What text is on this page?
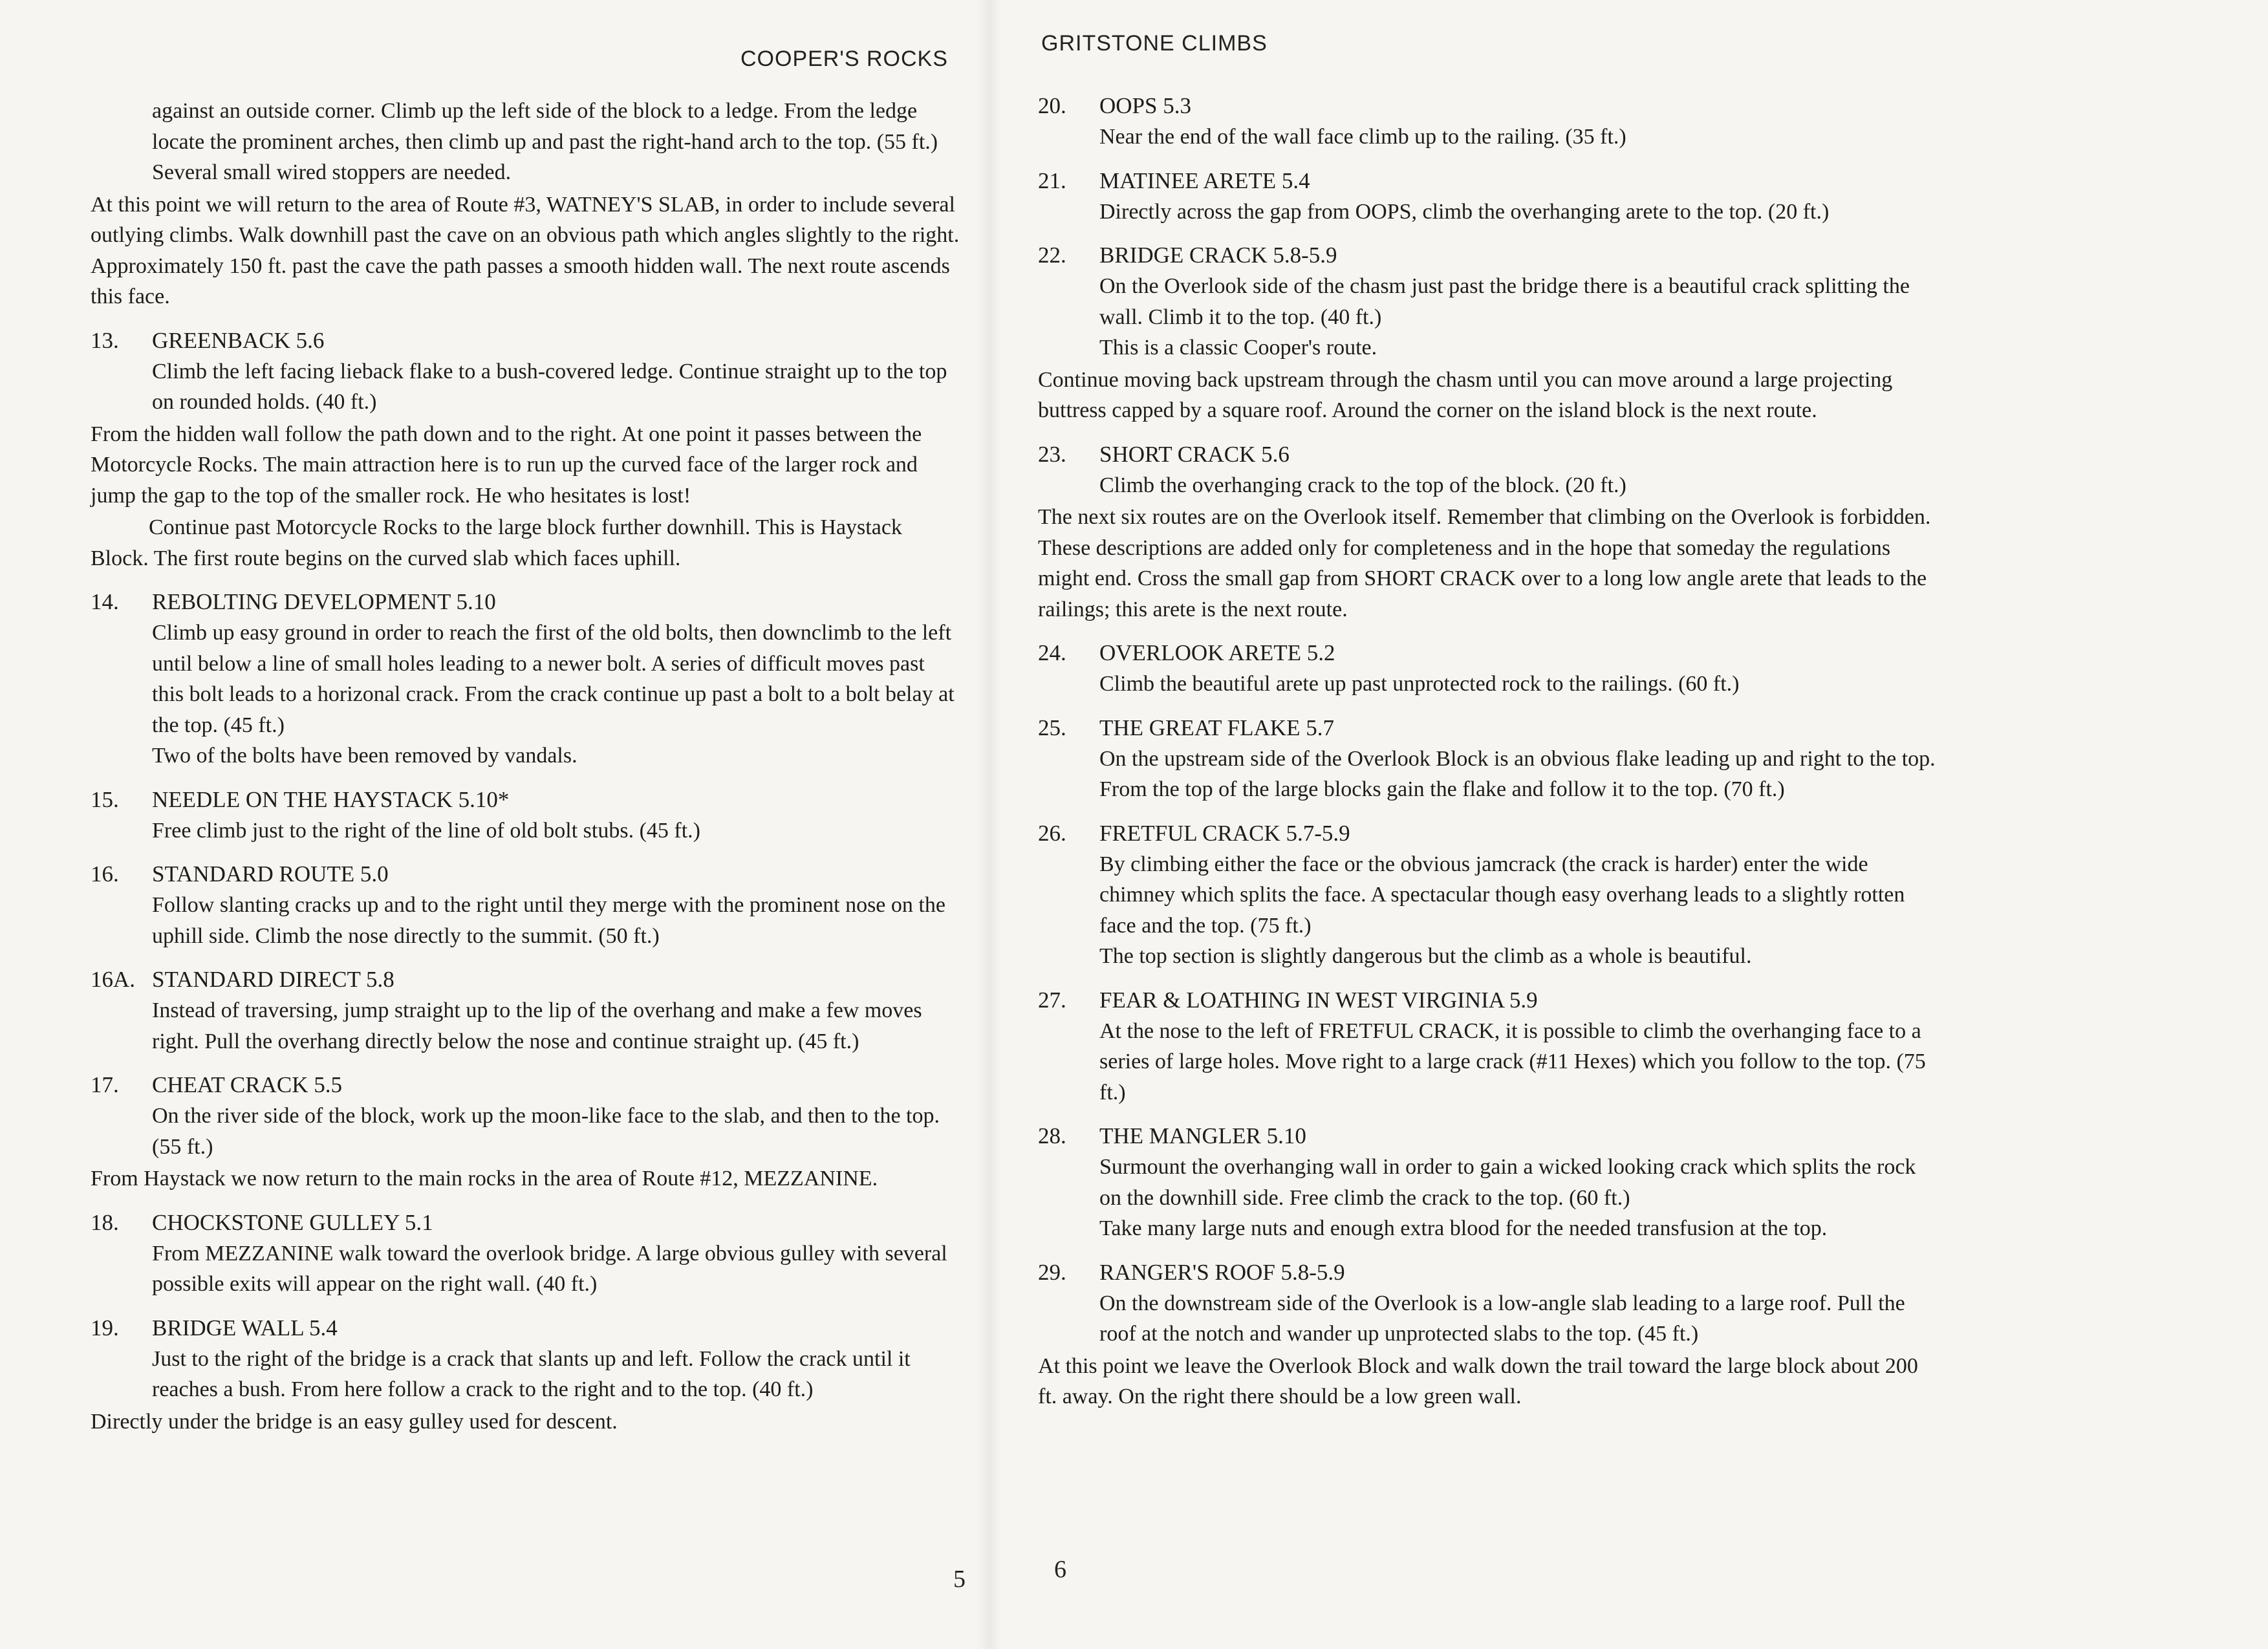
COOPER'S ROCKS

against an outside corner. Climb up the left side of the block to a ledge. From the ledge locate the prominent arches, then climb up and past the right-hand arch to the top. (55 ft.)

Several small wired stoppers are needed.

At this point we will return to the area of Route #3, WATNEY'S SLAB, in order to include several outlying climbs. Walk downhill past the cave on an obvious path which angles slightly to the right. Approximately 150 ft. past the cave the path passes a smooth hidden wall. The next route ascends this face.

13.	GREENBACK 5.6

Climb the left facing lieback flake to a bush-covered ledge. Continue straight up to the top on rounded holds. (40 ft.)

From the hidden wall follow the path down and to the right. At one point it passes between the Motorcycle Rocks. The main attraction here is to run up the curved face of the larger rock and jump the gap to the top of the smaller rock. He who hesitates is lost!

Continue past Motorcycle Rocks to the large block further downhill. This is Haystack Block. The first route begins on the curved slab which faces uphill.

14.	REBOLTING DEVELOPMENT 5.10

Climb up easy ground in order to reach the first of the old bolts, then downclimb to the left until below a line of small holes leading to a newer bolt. A series of difficult moves past this bolt leads to a horizonal crack. From the crack continue up past a bolt to a bolt belay at the top. (45 ft.)

Two of the bolts have been removed by vandals.

15.	NEEDLE ON THE HAYSTACK 5.10*

Free climb just to the right of the line of old bolt stubs. (45 ft.)

16.	STANDARD ROUTE 5.0

Follow slanting cracks up and to the right until they merge with the prominent nose on the uphill side. Climb the nose directly to the summit. (50 ft.)

16A. STANDARD DIRECT 5.8

Instead of traversing, jump straight up to the lip of the overhang and make a few moves right. Pull the overhang directly below the nose and continue straight up. (45 ft.)

17.	CHEAT CRACK 5.5

On the river side of the block, work up the moon-like face to the slab, and then to the top. (55 ft.)

From Haystack we now return to the main rocks in the area of Route #12, MEZZANINE.

18.	CHOCKSTONE GULLEY 5.1

From MEZZANINE walk toward the overlook bridge. A large obvious gulley with several possible exits will appear on the right wall. (40 ft.)

19.	BRIDGE WALL 5.4

Just to the right of the bridge is a crack that slants up and left. Follow the crack until it reaches a bush. From here follow a crack to the right and to the top. (40 ft.)

Directly under the bridge is an easy gulley used for descent.

5
GRITSTONE CLIMBS
20.	OOPS 5.3

Near the end of the wall face climb up to the railing. (35 ft.)

21.	MATINEE ARETE 5.4

Directly across the gap from OOPS, climb the overhanging arete to the top. (20 ft.)

22.	BRIDGE CRACK 5.8-5.9

On the Overlook side of the chasm just past the bridge there is a beautiful crack splitting the wall. Climb it to the top. (40 ft.)

This is a classic Cooper's route.

Continue moving back upstream through the chasm until you can move around a large projecting buttress capped by a square roof. Around the corner on the island block is the next route.

23.	SHORT CRACK 5.6

Climb the overhanging crack to the top of the block. (20 ft.)

The next six routes are on the Overlook itself. Remember that climbing on the Overlook is forbidden. These descriptions are added only for completeness and in the hope that someday the regulations might end. Cross the small gap from SHORT CRACK over to a long low angle arete that leads to the railings; this arete is the next route.

24.	OVERLOOK ARETE 5.2

Climb the beautiful arete up past unprotected rock to the railings. (60 ft.)

25.	THE GREAT FLAKE 5.7

On the upstream side of the Overlook Block is an obvious flake leading up and right to the top. From the top of the large blocks gain the flake and follow it to the top. (70 ft.)

26.	FRETFUL CRACK 5.7-5.9

By climbing either the face or the obvious jamcrack (the crack is harder) enter the wide chimney which splits the face. A spectacular though easy overhang leads to a slightly rotten face and the top. (75 ft.)

The top section is slightly dangerous but the climb as a whole is beautiful.

27.	FEAR & LOATHING IN WEST VIRGINIA 5.9

At the nose to the left of FRETFUL CRACK, it is possible to climb the overhanging face to a series of large holes. Move right to a large crack (#11 Hexes) which you follow to the top. (75 ft.)

28.	THE MANGLER 5.10

Surmount the overhanging wall in order to gain a wicked looking crack which splits the rock on the downhill side. Free climb the crack to the top. (60 ft.)

Take many large nuts and enough extra blood for the needed transfusion at the top.

29.	RANGER'S ROOF 5.8-5.9

On the downstream side of the Overlook is a low-angle slab leading to a large roof. Pull the roof at the notch and wander up unprotected slabs to the top. (45 ft.)

At this point we leave the Overlook Block and walk down the trail toward the large block about 200 ft. away. On the right there should be a low green wall.

6
